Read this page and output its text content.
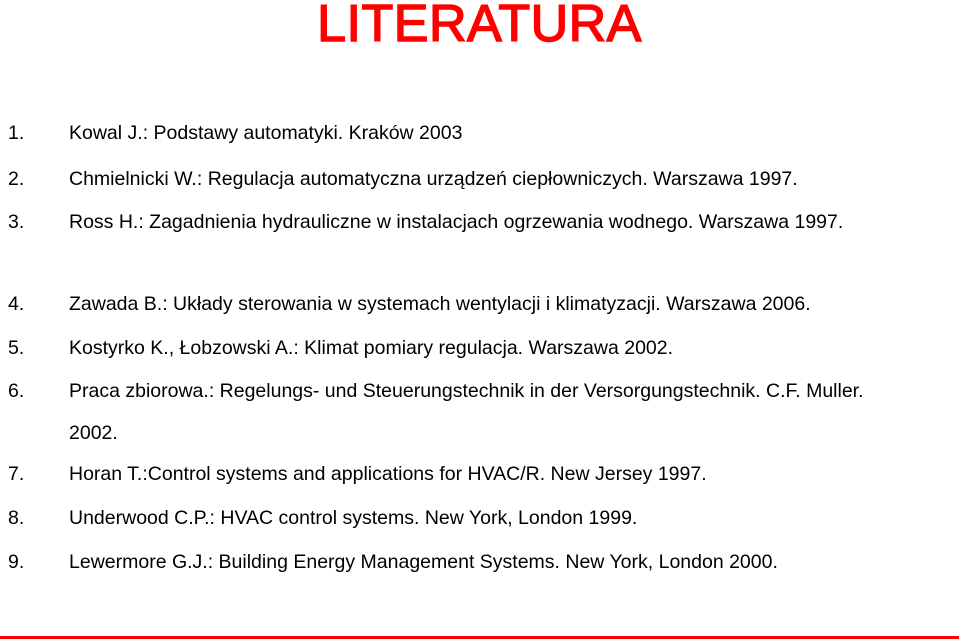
LITERATURA
1. Kowal J.: Podstawy automatyki. Kraków 2003
2. Chmielnicki W.: Regulacja automatyczna urządzeń ciepłowniczych. Warszawa 1997.
3. Ross H.: Zagadnienia hydrauliczne w instalacjach ogrzewania wodnego. Warszawa 1997.
4. Zawada B.: Układy sterowania w systemach wentylacji i klimatyzacji. Warszawa 2006.
5. Kostyrko K., Łobzowski A.: Klimat pomiary regulacja. Warszawa 2002.
6. Praca zbiorowa.: Regelungs- und Steuerungstechnik in der Versorgungstechnik. C.F. Muller. 2002.
7. Horan T.:Control systems and applications for HVAC/R. New Jersey 1997.
8. Underwood C.P.: HVAC control systems. New York, London 1999.
9. Lewermore G.J.: Building Energy Management Systems. New York, London 2000.
